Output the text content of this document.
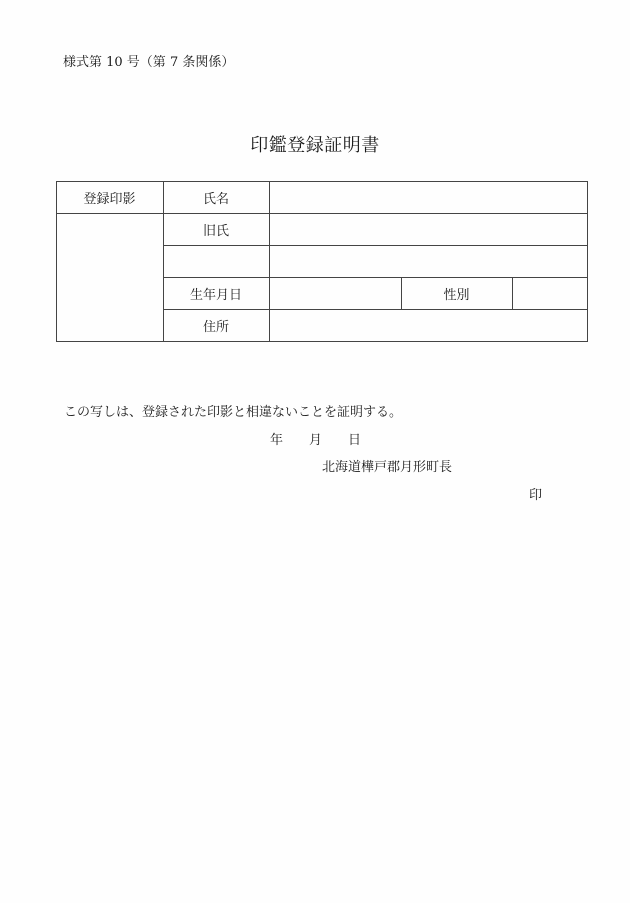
様式第 10 号（第 7 条関係）
印鑑登録証明書
登録印影	氏名
旧氏
生年月日	性別
住所
この写しは、登録された印影と相違ないことを証明する。
年 月 日
北海道樺戸郡月形町長
印
